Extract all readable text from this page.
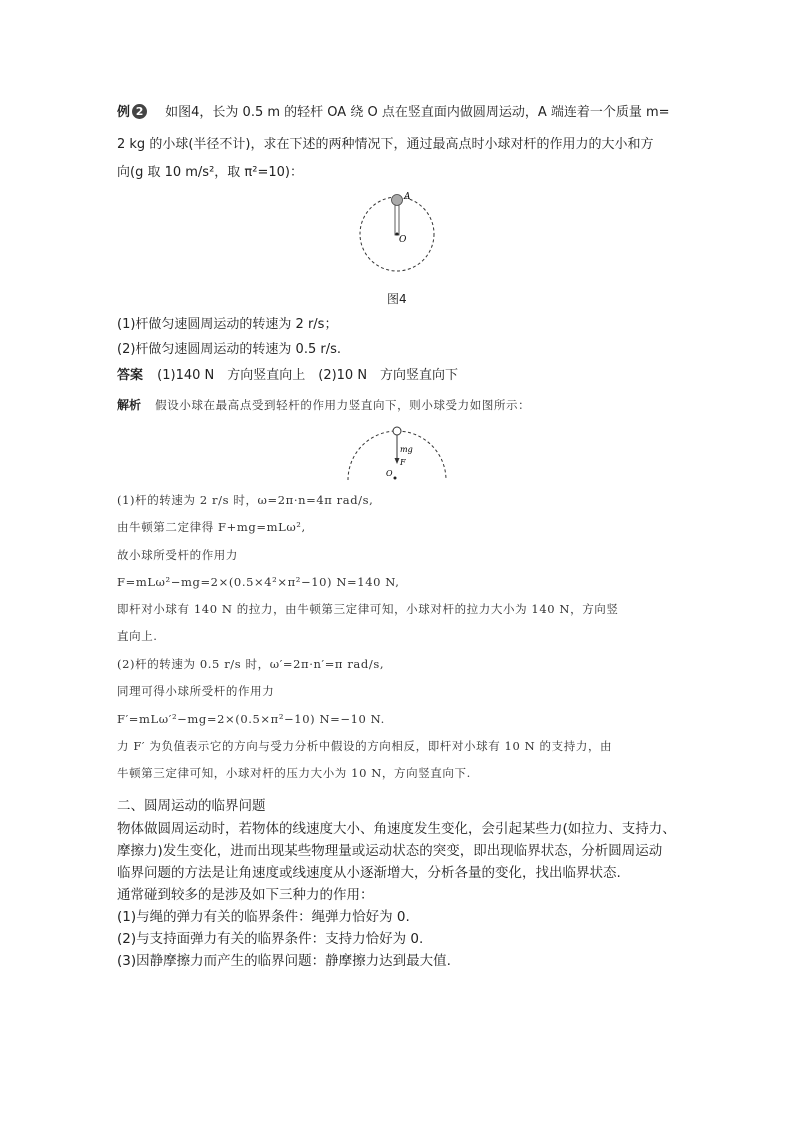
例 2 如图4，长为 0.5 m 的轻杆 OA 绕 O 点在竖直面内做圆周运动，A 端连着一个质量 m=
2 kg 的小球(半径不计)，求在下述的两种情况下，通过最高点时小球对杆的作用力的大小和方
向(g 取 10 m/s²，取 π²=10)：
A
O
图4
(1)杆做匀速圆周运动的转速为 2 r/s；
(2)杆做匀速圆周运动的转速为 0.5 r/s.
答案 (1)140 N　方向竖直向上　(2)10 N　方向竖直向下
解析 假设小球在最高点受到轻杆的作用力竖直向下，则小球受力如图所示：
mg
F
O
(1)杆的转速为 2 r/s 时，ω=2π·n=4π rad/s,
由牛顿第二定律得 F+mg=mLω²,
故小球所受杆的作用力
F=mLω²−mg=2×(0.5×4²×π²−10) N=140 N,
即杆对小球有 140 N 的拉力，由牛顿第三定律可知，小球对杆的拉力大小为 140 N，方向竖
直向上.
(2)杆的转速为 0.5 r/s 时，ω′=2π·n′=π rad/s,
同理可得小球所受杆的作用力
F′=mLω′²−mg=2×(0.5×π²−10) N=−10 N.
力 F′ 为负值表示它的方向与受力分析中假设的方向相反，即杆对小球有 10 N 的支持力，由
牛顿第三定律可知，小球对杆的压力大小为 10 N，方向竖直向下.
二、圆周运动的临界问题
物体做圆周运动时，若物体的线速度大小、角速度发生变化，会引起某些力(如拉力、支持力、
摩擦力)发生变化，进而出现某些物理量或运动状态的突变，即出现临界状态，分析圆周运动
临界问题的方法是让角速度或线速度从小逐渐增大，分析各量的变化，找出临界状态.
通常碰到较多的是涉及如下三种力的作用：
(1)与绳的弹力有关的临界条件：绳弹力恰好为 0.
(2)与支持面弹力有关的临界条件：支持力恰好为 0.
(3)因静摩擦力而产生的临界问题：静摩擦力达到最大值.
